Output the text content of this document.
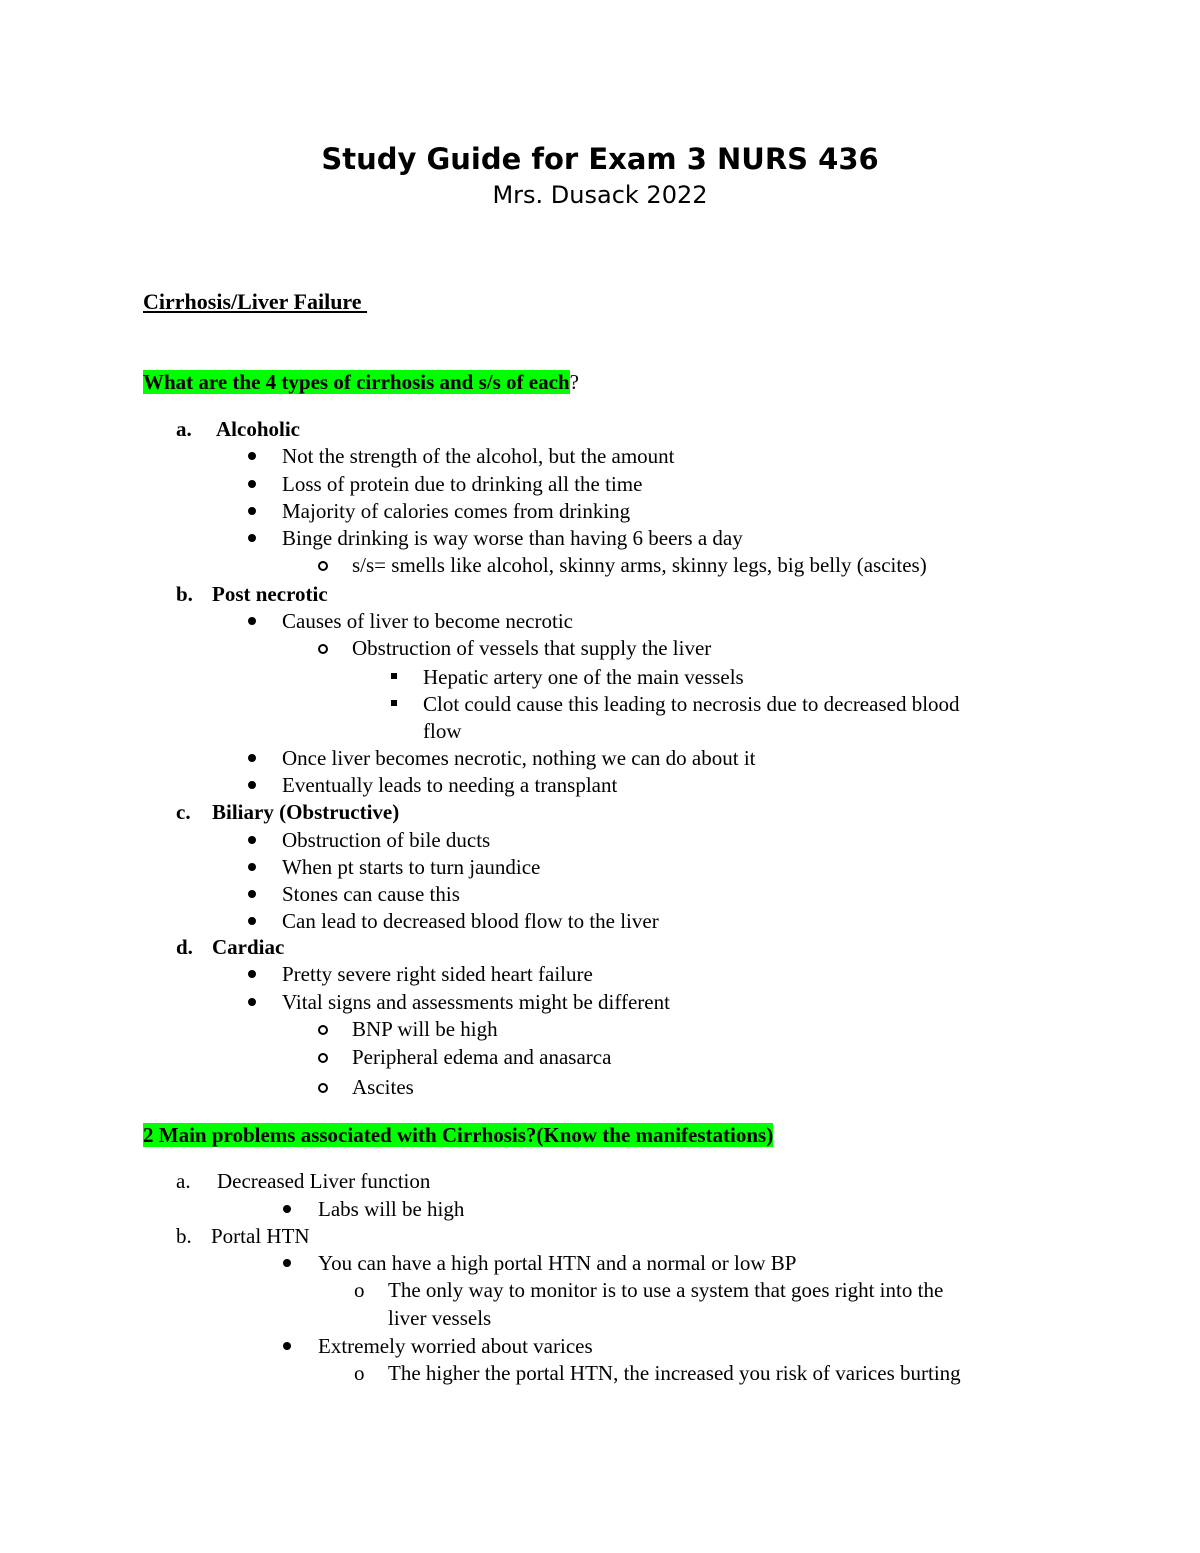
Study Guide for Exam 3 NURS 436
Mrs. Dusack 2022
Cirrhosis/Liver Failure
What are the 4 types of cirrhosis and s/s of each?
a. Alcoholic
Not the strength of the alcohol, but the amount
Loss of protein due to drinking all the time
Majority of calories comes from drinking
Binge drinking is way worse than having 6 beers a day
s/s= smells like alcohol, skinny arms, skinny legs, big belly (ascites)
b. Post necrotic
Causes of liver to become necrotic
Obstruction of vessels that supply the liver
Hepatic artery one of the main vessels
Clot could cause this leading to necrosis due to decreased blood
flow
Once liver becomes necrotic, nothing we can do about it
Eventually leads to needing a transplant
c. Biliary (Obstructive)
Obstruction of bile ducts
When pt starts to turn jaundice
Stones can cause this
Can lead to decreased blood flow to the liver
d. Cardiac
Pretty severe right sided heart failure
Vital signs and assessments might be different
BNP will be high
Peripheral edema and anasarca
Ascites
2 Main problems associated with Cirrhosis?(Know the manifestations)
a. Decreased Liver function
Labs will be high
b. Portal HTN
You can have a high portal HTN and a normal or low BP
o The only way to monitor is to use a system that goes right into the
liver vessels
Extremely worried about varices
o The higher the portal HTN, the increased you risk of varices burting
